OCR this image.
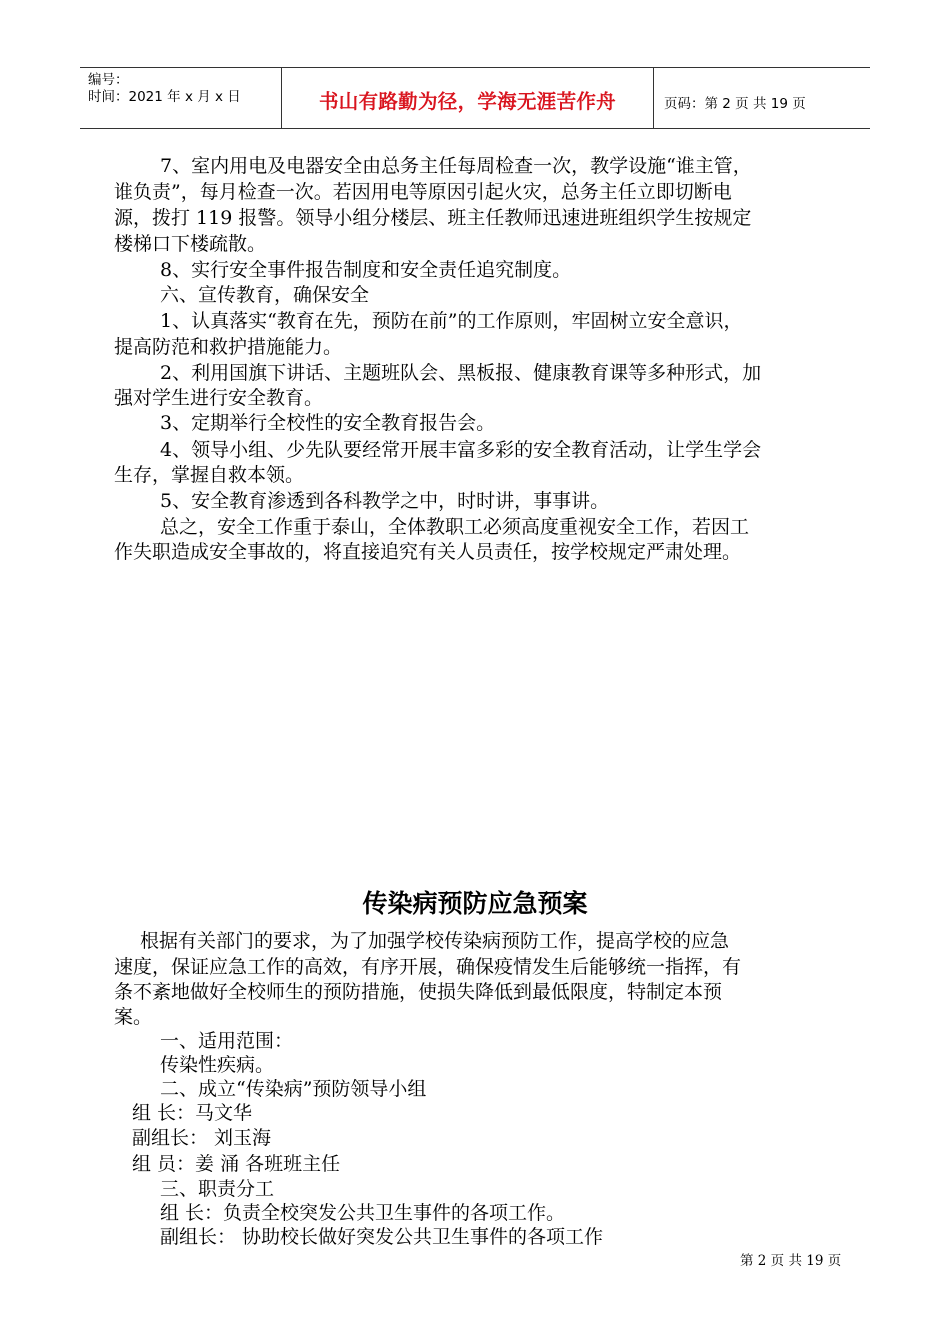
编号：
时间：2021 年 x 月 x 日	书山有路勤为径，学海无涯苦作舟	页码：第 2 页 共 19 页
7、室内用电及电器安全由总务主任每周检查一次，教学设施“谁主管，
谁负责”，每月检查一次。若因用电等原因引起火灾，总务主任立即切断电
源，拨打 119 报警。领导小组分楼层、班主任教师迅速进班组织学生按规定
楼梯口下楼疏散。
8、实行安全事件报告制度和安全责任追究制度。
六、宣传教育，确保安全
1、认真落实“教育在先，预防在前”的工作原则，牢固树立安全意识，
提高防范和救护措施能力。
2、利用国旗下讲话、主题班队会、黑板报、健康教育课等多种形式，加
强对学生进行安全教育。
3、定期举行全校性的安全教育报告会。
4、领导小组、少先队要经常开展丰富多彩的安全教育活动，让学生学会
生存，掌握自救本领。
5、安全教育渗透到各科教学之中，时时讲，事事讲。
总之，安全工作重于泰山，全体教职工必须高度重视安全工作，若因工
作失职造成安全事故的，将直接追究有关人员责任，按学校规定严肃处理。
传染病预防应急预案
根据有关部门的要求，为了加强学校传染病预防工作，提高学校的应急
速度，保证应急工作的高效，有序开展，确保疫情发生后能够统一指挥，有
条不紊地做好全校师生的预防措施，使损失降低到最低限度，特制定本预
案。
一、适用范围：
传染性疾病。
二、成立“传染病”预防领导小组
组 长：马文华
副组长： 刘玉海
组 员：姜 涌 各班班主任
三、职责分工
组 长：负责全校突发公共卫生事件的各项工作。
副组长： 协助校长做好突发公共卫生事件的各项工作
第 2 页 共 19 页
